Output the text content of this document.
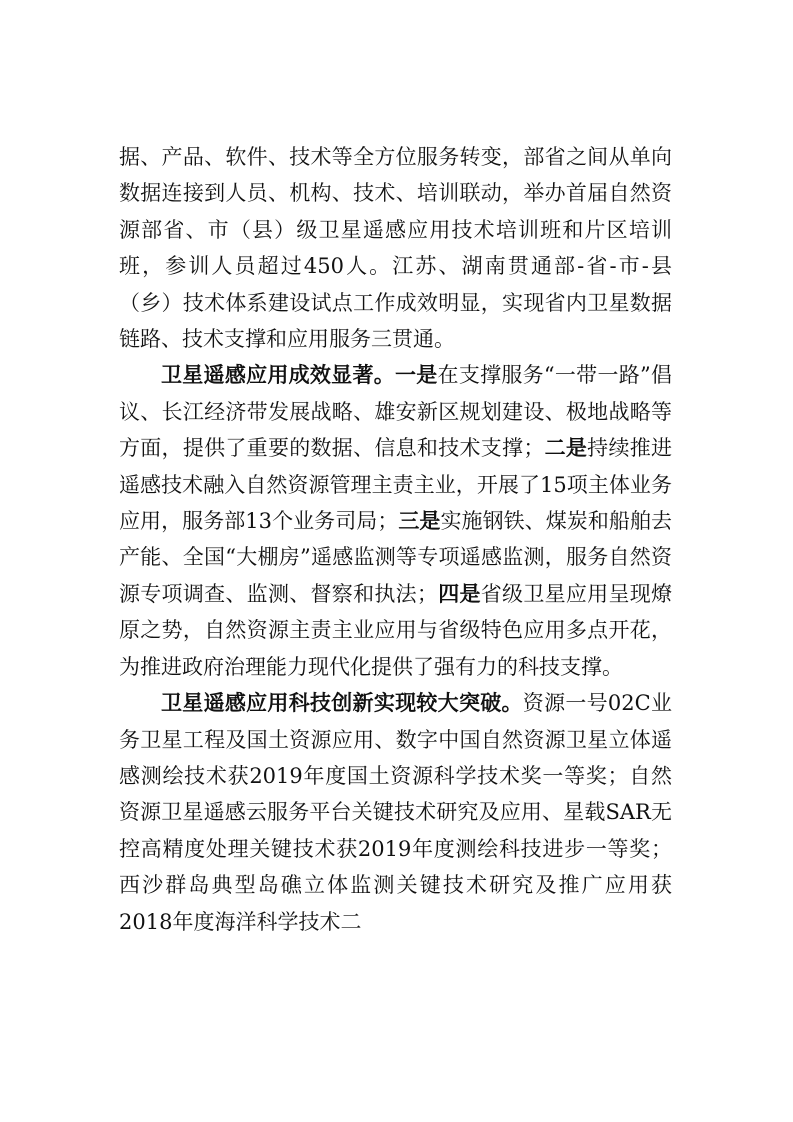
据、产品、软件、技术等全方位服务转变，部省之间从单向数据连接到人员、机构、技术、培训联动，举办首届自然资源部省、市（县）级卫星遥感应用技术培训班和片区培训班，参训人员超过450人。江苏、湖南贯通部-省-市-县（乡）技术体系建设试点工作成效明显，实现省内卫星数据链路、技术支撑和应用服务三贯通。

卫星遥感应用成效显著。一是在支撑服务“一带一路”倡议、长江经济带发展战略、雄安新区规划建设、极地战略等方面，提供了重要的数据、信息和技术支撑；二是持续推进遥感技术融入自然资源管理主责主业，开展了15项主体业务应用，服务部13个业务司局；三是实施钢铁、煤炭和船舶去产能、全国“大棚房”遥感监测等专项遥感监测，服务自然资源专项调查、监测、督察和执法；四是省级卫星应用呈现燎原之势，自然资源主责主业应用与省级特色应用多点开花，为推进政府治理能力现代化提供了强有力的科技支撑。

卫星遥感应用科技创新实现较大突破。资源一号02C业务卫星工程及国土资源应用、数字中国自然资源卫星立体遥感测绘技术获2019年度国土资源科学技术奖一等奖；自然资源卫星遥感云服务平台关键技术研究及应用、星载SAR无控高精度处理关键技术获2019年度测绘科技进步一等奖；西沙群岛典型岛礁立体监测关键技术研究及推广应用获2018年度海洋科学技术二
